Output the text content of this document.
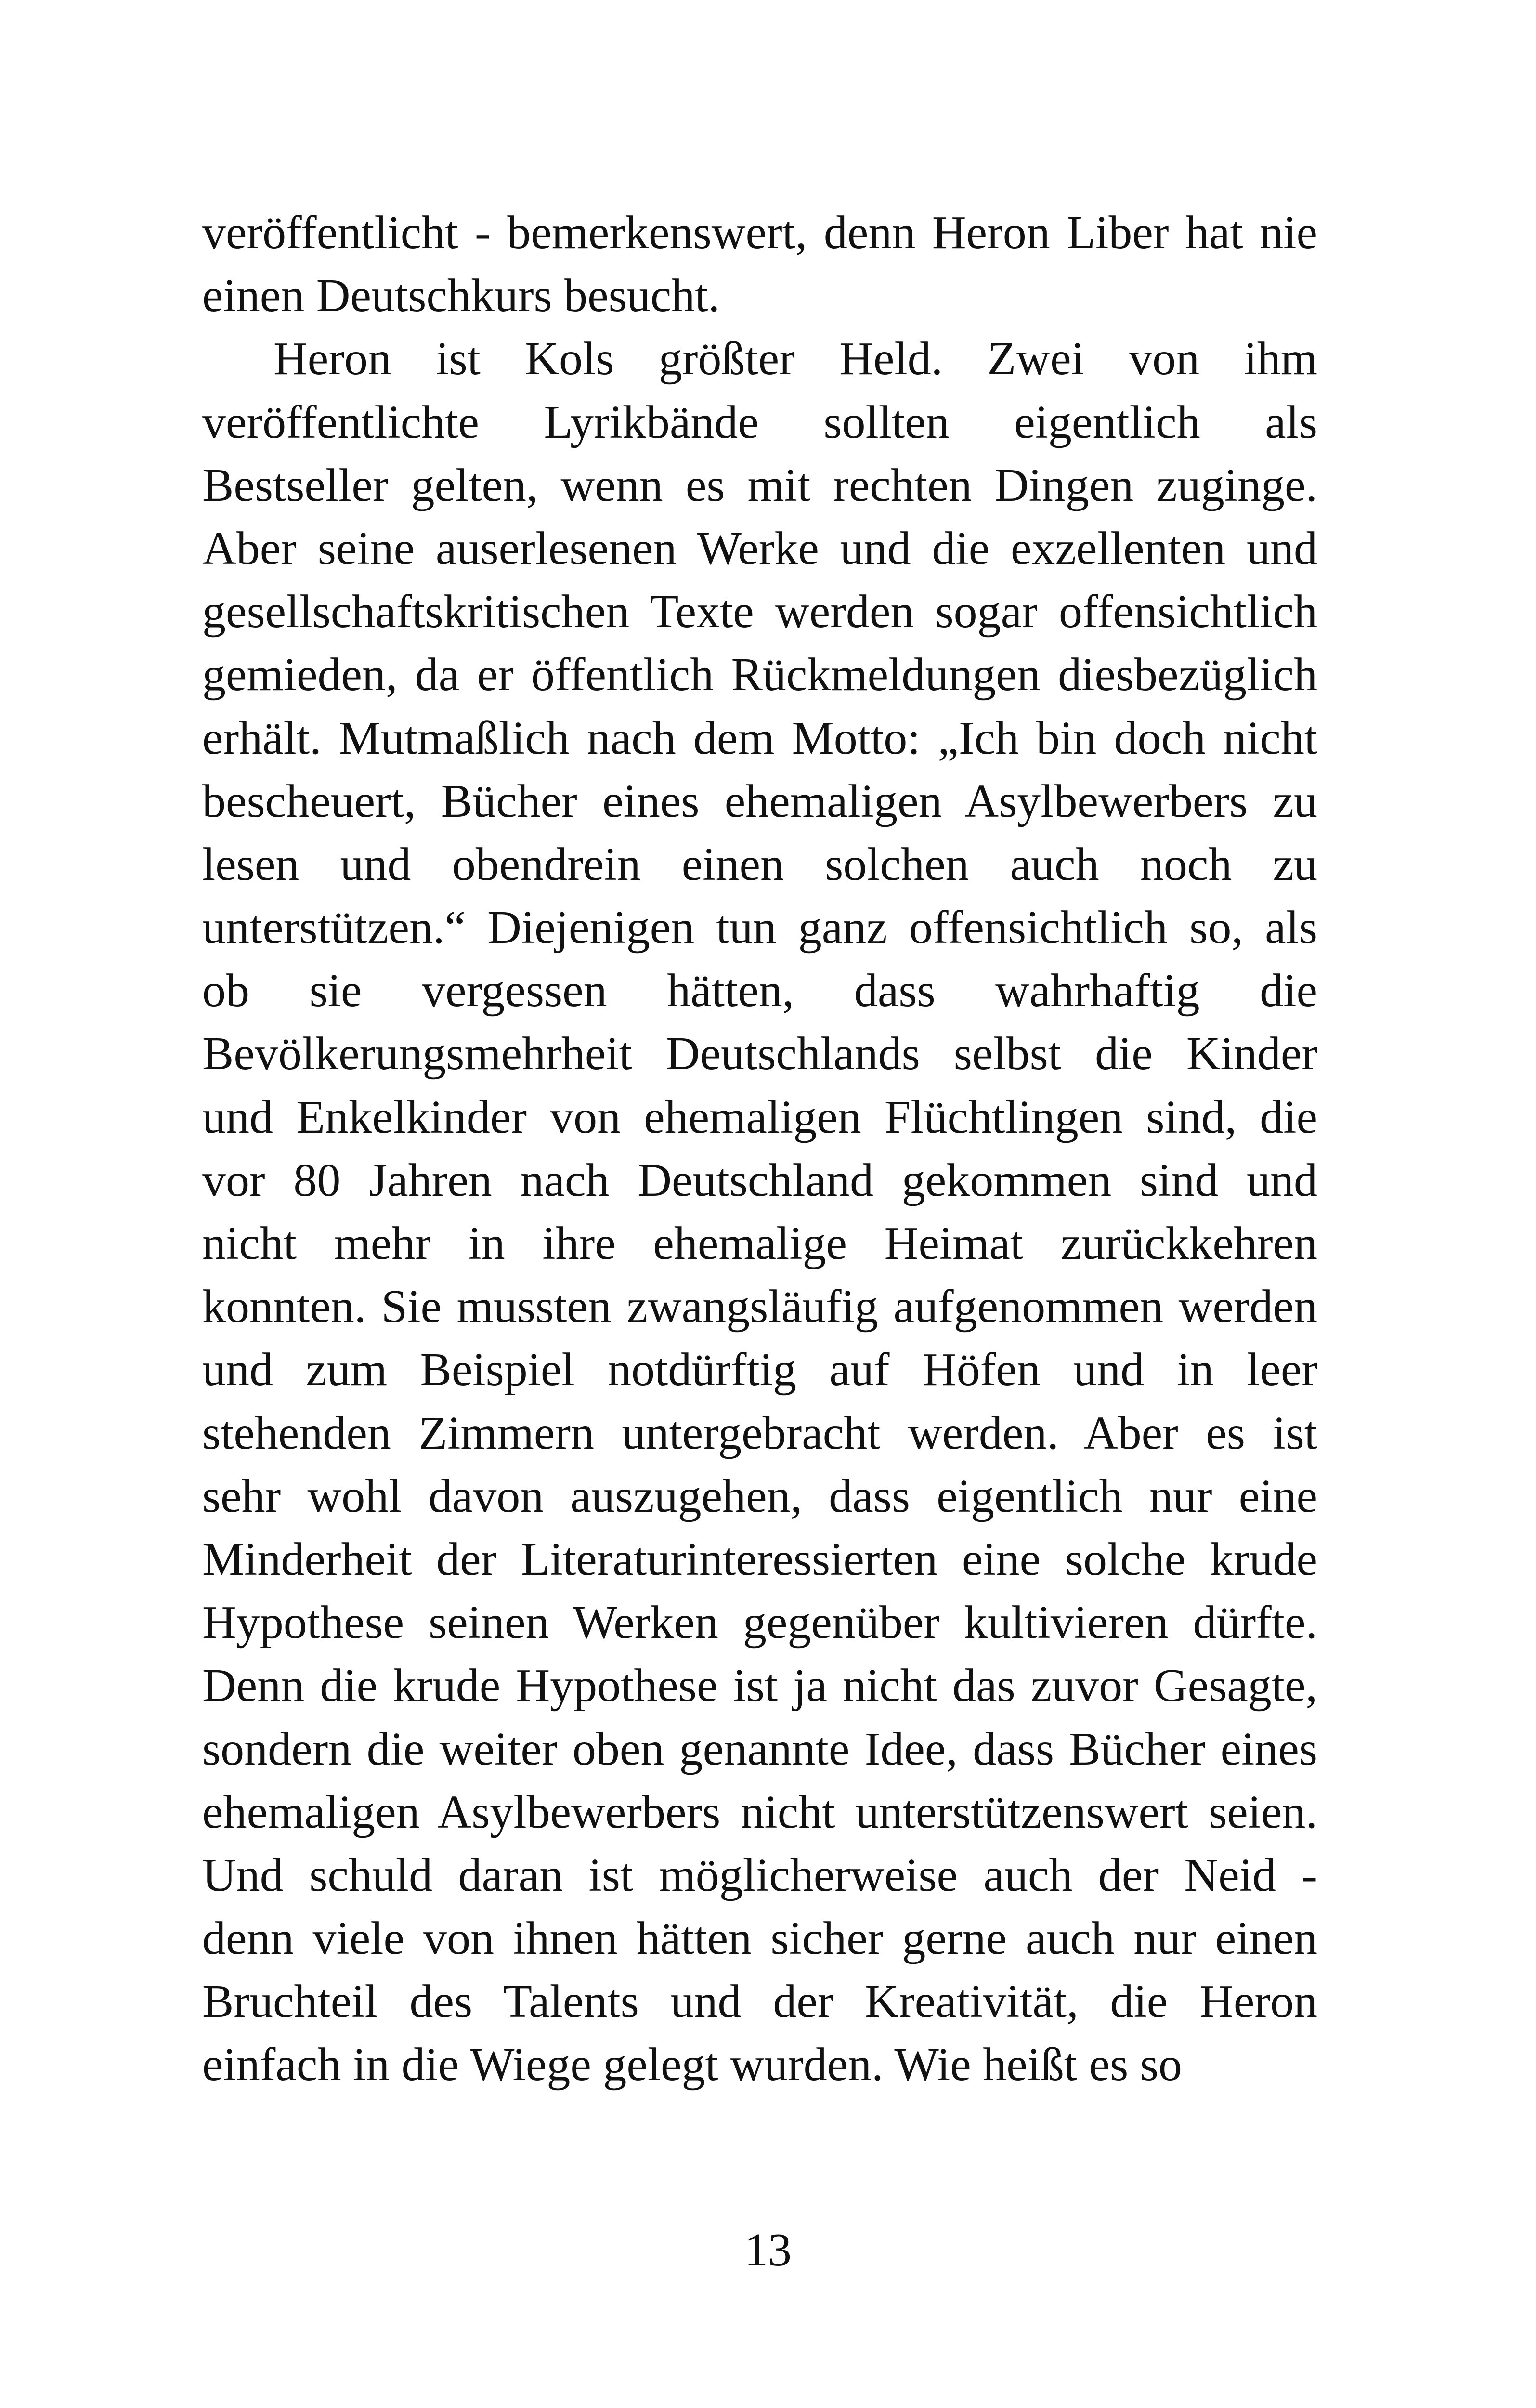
veröffentlicht - bemerkenswert, denn Heron Liber hat nie
einen Deutschkurs besucht.
Heron ist Kols größter Held. Zwei von ihm
veröffentlichte Lyrikbände sollten eigentlich als
Bestseller gelten, wenn es mit rechten Dingen zuginge.
Aber seine auserlesenen Werke und die exzellenten und
gesellschaftskritischen Texte werden sogar offensichtlich
gemieden, da er öffentlich Rückmeldungen diesbezüglich
erhält. Mutmaßlich nach dem Motto: „Ich bin doch nicht
bescheuert, Bücher eines ehemaligen Asylbewerbers zu
lesen und obendrein einen solchen auch noch zu
unterstützen.“ Diejenigen tun ganz offensichtlich so, als
ob sie vergessen hätten, dass wahrhaftig die
Bevölkerungsmehrheit Deutschlands selbst die Kinder
und Enkelkinder von ehemaligen Flüchtlingen sind, die
vor 80 Jahren nach Deutschland gekommen sind und
nicht mehr in ihre ehemalige Heimat zurückkehren
konnten. Sie mussten zwangsläufig aufgenommen werden
und zum Beispiel notdürftig auf Höfen und in leer
stehenden Zimmern untergebracht werden. Aber es ist
sehr wohl davon auszugehen, dass eigentlich nur eine
Minderheit der Literaturinteressierten eine solche krude
Hypothese seinen Werken gegenüber kultivieren dürfte.
Denn die krude Hypothese ist ja nicht das zuvor Gesagte,
sondern die weiter oben genannte Idee, dass Bücher eines
ehemaligen Asylbewerbers nicht unterstützenswert seien.
Und schuld daran ist möglicherweise auch der Neid -
denn viele von ihnen hätten sicher gerne auch nur einen
Bruchteil des Talents und der Kreativität, die Heron
einfach in die Wiege gelegt wurden. Wie heißt es so
13
